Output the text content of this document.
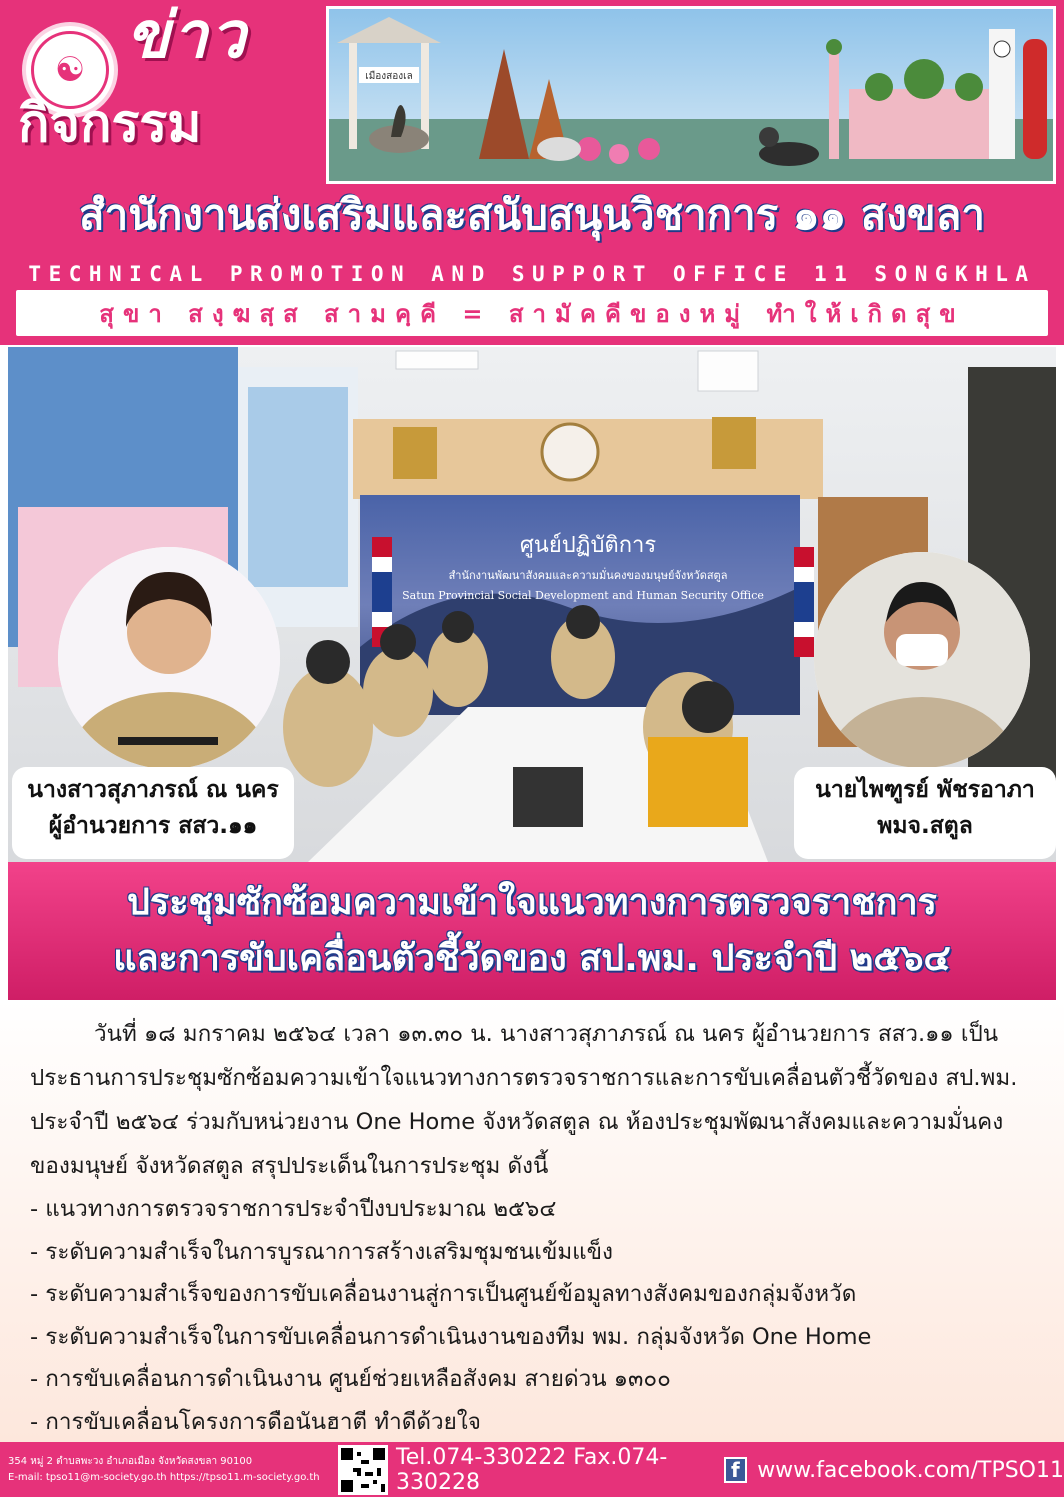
☯ ข่าว
กิจกรรม
เมืองสองเล
สำนักงานส่งเสริมและสนับสนุนวิชาการ ๑๑ สงขลา
TECHNICAL PROMOTION AND SUPPORT OFFICE 11 SONGKHLA
สุขา สงฺฆสฺส สามคฺคี = สามัคคีของหมู่ ทำให้เกิดสุข
ศูนย์ปฏิบัติการ
สำนักงานพัฒนาสังคมและความมั่นคงของมนุษย์จังหวัดสตูล
Satun Provincial Social Development and Human Security Office
นางสาวสุภาภรณ์ ณ นคร
ผู้อำนวยการ สสว.๑๑
นายไพฑูรย์ พัชรอาภา
พมจ.สตูล
ประชุมซักซ้อมความเข้าใจแนวทางการตรวจราชการ
และการขับเคลื่อนตัวชี้วัดของ สป.พม. ประจำปี ๒๕๖๔

วันที่ ๑๘ มกราคม ๒๕๖๔ เวลา ๑๓.๓๐ น. นางสาวสุภาภรณ์ ณ นคร ผู้อำนวยการ สสว.๑๑ เป็นประธานการประชุมซักซ้อมความเข้าใจแนวทางการตรวจราชการและการขับเคลื่อนตัวชี้วัดของ สป.พม. ประจำปี ๒๕๖๔ ร่วมกับหน่วยงาน One Home จังหวัดสตูล ณ ห้องประชุมพัฒนาสังคมและความมั่นคงของมนุษย์ จังหวัดสตูล สรุปประเด็นในการประชุม ดังนี้

- แนวทางการตรวจราชการประจำปีงบประมาณ ๒๕๖๔
- ระดับความสำเร็จในการบูรณาการสร้างเสริมชุมชนเข้มแข็ง
- ระดับความสำเร็จของการขับเคลื่อนงานสู่การเป็นศูนย์ข้อมูลทางสังคมของกลุ่มจังหวัด
- ระดับความสำเร็จในการขับเคลื่อนการดำเนินงานของทีม พม. กลุ่มจังหวัด One Home
- การขับเคลื่อนการดำเนินงาน ศูนย์ช่วยเหลือสังคม สายด่วน ๑๓๐๐
- การขับเคลื่อนโครงการดือนันฮาตี ทำดีด้วยใจ
354 หมู่ 2 ตำบลพะวง อำเภอเมือง จังหวัดสงขลา 90100
E-mail: tpso11@m-society.go.th https://tpso11.m-society.go.th
Tel.074-330222 Fax.074-330228	f www.facebook.com/TPSO11
